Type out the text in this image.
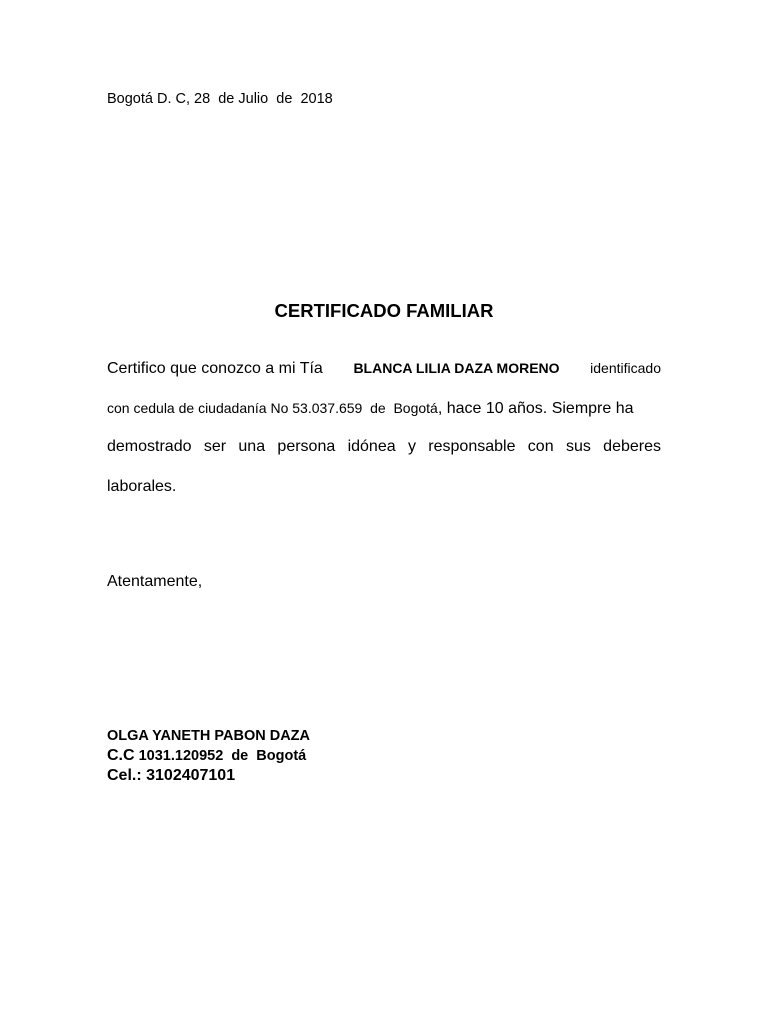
Bogotá D. C, 28  de Julio  de  2018
CERTIFICADO FAMILIAR
Certifico que conozco a mi Tía BLANCA LILIA DAZA MORENO identificado
con cedula de ciudadanía No 53.037.659  de  Bogotá, hace 10 años. Siempre ha
demostrado ser una persona idónea y responsable con sus deberes
laborales.
Atentamente,
OLGA YANETH PABON DAZA
C.C 1031.120952  de  Bogotá
Cel.: 3102407101
